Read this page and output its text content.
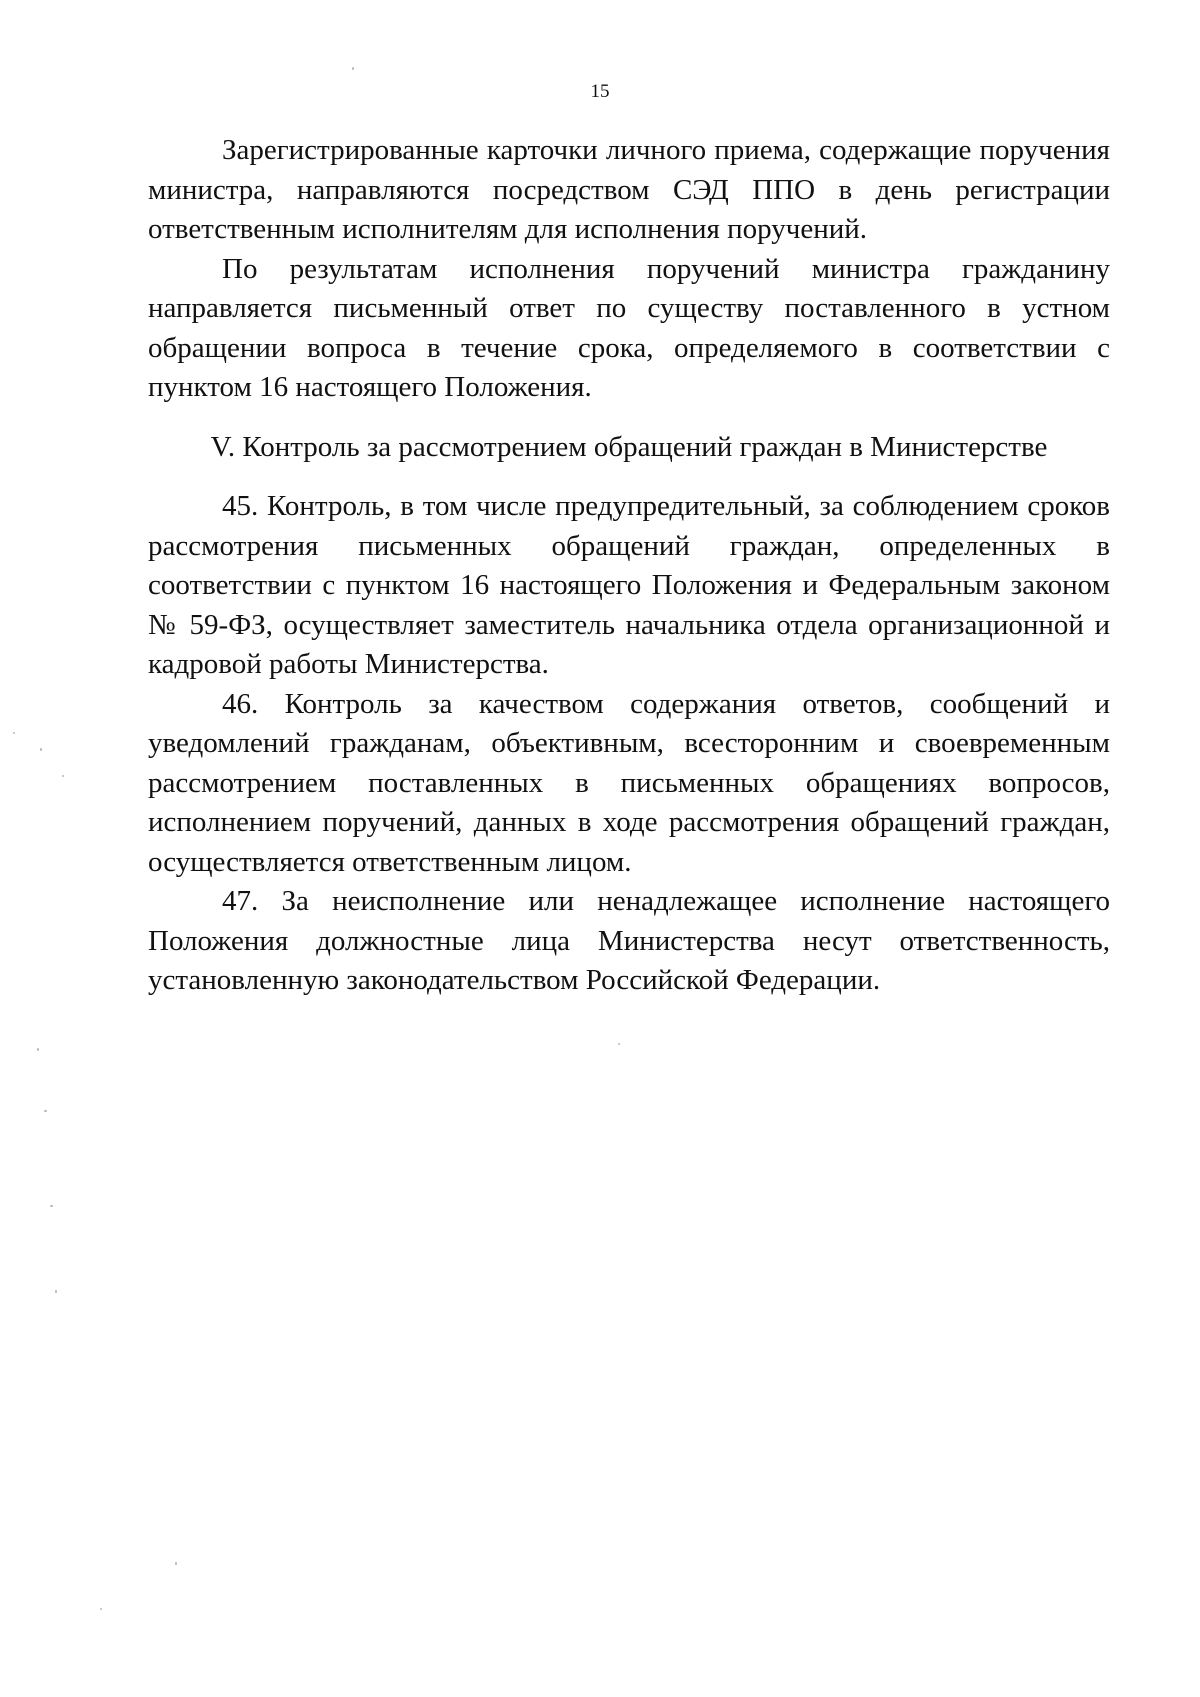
15

Зарегистрированные карточки личного приема, содержащие поручения министра, направляются посредством СЭД ППО в день регистрации ответственным исполнителям для исполнения поручений.

По результатам исполнения поручений министра гражданину направляется письменный ответ по существу поставленного в устном обращении вопроса в течение срока, определяемого в соответствии с пунктом 16 настоящего Положения.

V. Контроль за рассмотрением обращений граждан в Министерстве

45. Контроль, в том числе предупредительный, за соблюдением сроков рассмотрения письменных обращений граждан, определенных в соответствии с пунктом 16 настоящего Положения и Федеральным законом № 59-ФЗ, осуществляет заместитель начальника отдела организационной и кадровой работы Министерства.

46. Контроль за качеством содержания ответов, сообщений и уведомлений гражданам, объективным, всесторонним и своевременным рассмотрением поставленных в письменных обращениях вопросов, исполнением поручений, данных в ходе рассмотрения обращений граждан, осуществляется ответственным лицом.

47. За неисполнение или ненадлежащее исполнение настоящего Положения должностные лица Министерства несут ответственность, установленную законодательством Российской Федерации.
